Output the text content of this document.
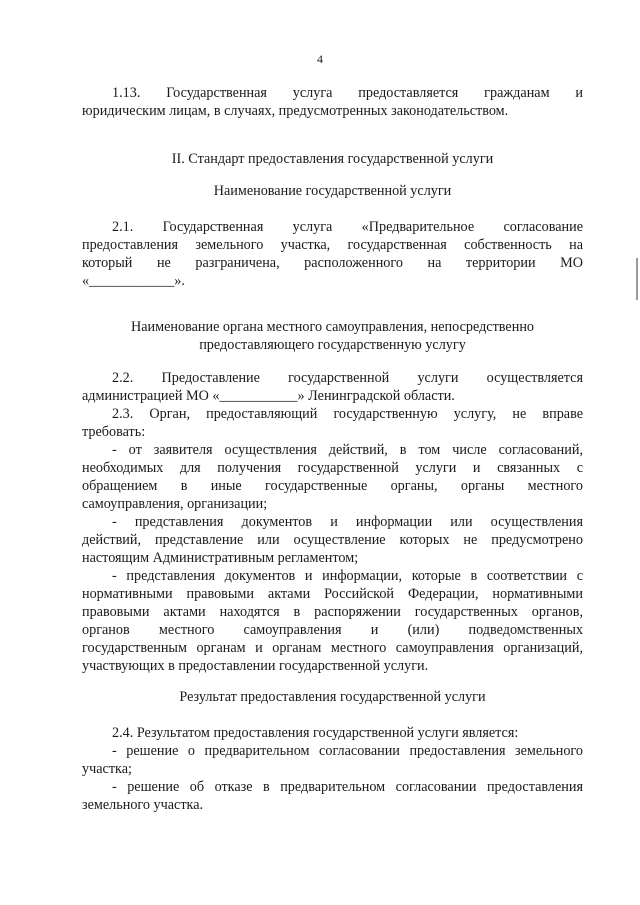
4

1.13. Государственная услуга предоставляется гражданам и

юридическим лицам, в случаях, предусмотренных законодательством.

II. Стандарт предоставления государственной услуги

Наименование государственной услуги

2.1. Государственная услуга «Предварительное согласование

предоставления земельного участка, государственная собственность на

который не разграничена, расположенного на территории МО

«____________».

Наименование органа местного самоуправления, непосредственно

предоставляющего государственную услугу

2.2. Предоставление государственной услуги осуществляется

администрацией МО «___________» Ленинградской области.

2.3. Орган, предоставляющий государственную услугу, не вправе

требовать:

- от заявителя осуществления действий, в том числе согласований,

необходимых для получения государственной услуги и связанных с

обращением в иные государственные органы, органы местного

самоуправления, организации;

- представления документов и информации или осуществления

действий, представление или осуществление которых не предусмотрено

настоящим Административным регламентом;

- представления документов и информации, которые в соответствии с

нормативными правовыми актами Российской Федерации, нормативными

правовыми актами находятся в распоряжении государственных органов,

органов местного самоуправления и (или) подведомственных

государственным органам и органам местного самоуправления организаций,

участвующих в предоставлении государственной услуги.

Результат предоставления государственной услуги

2.4. Результатом предоставления государственной услуги является:

- решение о предварительном согласовании предоставления земельного

участка;

- решение об отказе в предварительном согласовании предоставления

земельного участка.
